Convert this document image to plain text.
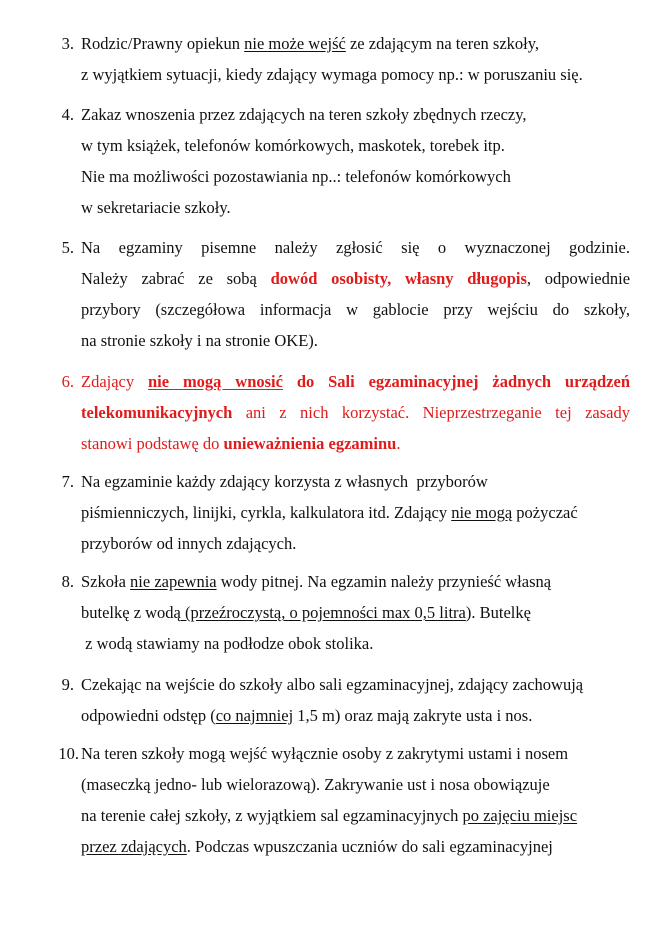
3. Rodzic/Prawny opiekun nie może wejść ze zdającym na teren szkoły,
z wyjątkiem sytuacji, kiedy zdający wymaga pomocy np.: w poruszaniu się.
4. Zakaz wnoszenia przez zdających na teren szkoły zbędnych rzeczy,
w tym książek, telefonów komórkowych, maskotek, torebek itp.
Nie ma możliwości pozostawiania np..: telefonów komórkowych
w sekretariacie szkoły.
5. Na egzaminy pisemne należy zgłosić się o wyznaczonej godzinie.
Należy zabrać ze sobą dowód osobisty, własny długopis, odpowiednie
przybory (szczegółowa informacja w gablocie przy wejściu do szkoły,
na stronie szkoły i na stronie OKE).
6. Zdający nie mogą wnosić do Sali egzaminacyjnej żadnych urządzeń
telekomunikacyjnych ani z nich korzystać. Nieprzestrzeganie tej zasady
stanowi podstawę do unieważnienia egzaminu.
7. Na egzaminie każdy zdający korzysta z własnych  przyborów
piśmienniczych, linijki, cyrkla, kalkulatora itd. Zdający nie mogą pożyczać
przyborów od innych zdających.
8. Szkoła nie zapewnia wody pitnej. Na egzamin należy przynieść własną
butelkę z wodą (przeźroczystą, o pojemności max 0,5 litra). Butelkę
z wodą stawiamy na podłodze obok stolika.
9. Czekając na wejście do szkoły albo sali egzaminacyjnej, zdający zachowują
odpowiedni odstęp (co najmniej 1,5 m) oraz mają zakryte usta i nos.
10. Na teren szkoły mogą wejść wyłącznie osoby z zakrytymi ustami i nosem
(maseczką jedno- lub wielorazową). Zakrywanie ust i nosa obowiązuje
na terenie całej szkoły, z wyjątkiem sal egzaminacyjnych po zajęciu miejsc
przez zdających. Podczas wpuszczania uczniów do sali egzaminacyjnej
